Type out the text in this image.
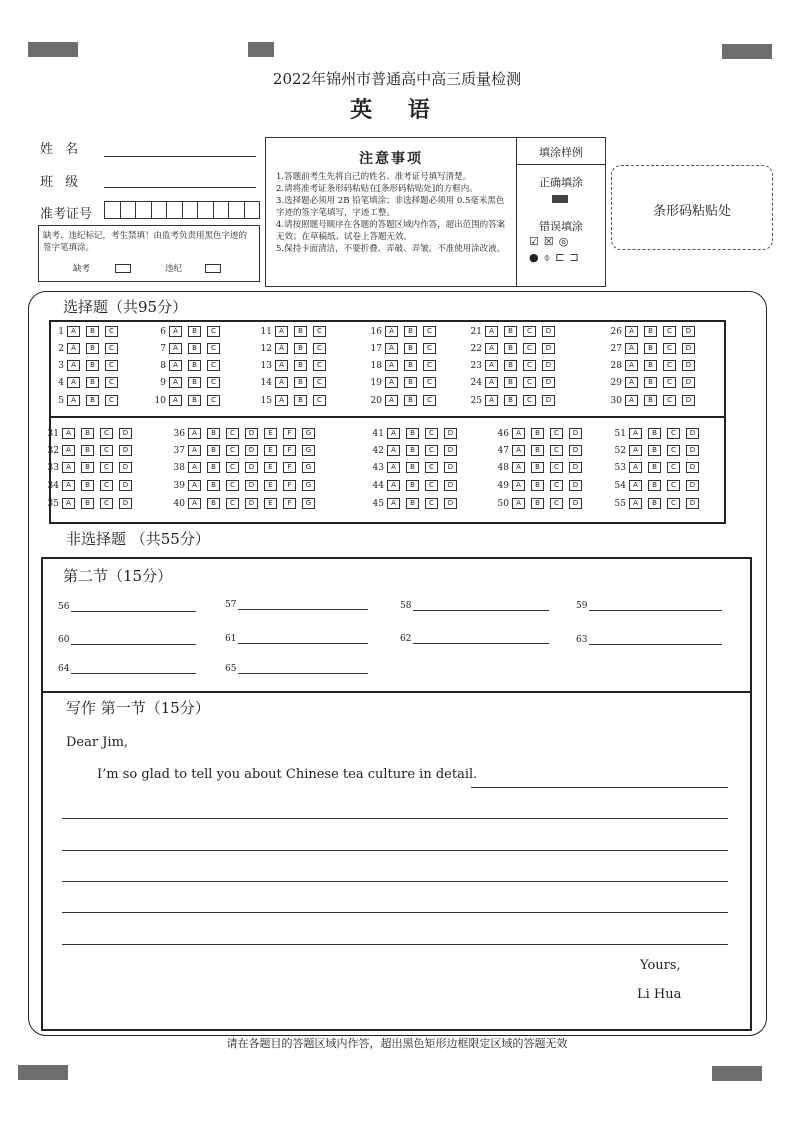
2022年锦州市普通高中高三质量检测
英 语
姓 名
班 级
准考证号
缺考、违纪标记，考生禁填！由监考负责用黑色字迹的签字笔填涂。
缺考	违纪
注意事项
1.答题前考生先将自己的姓名、准考证号填写清楚。
2.请将准考证条形码粘贴在[条形码粘贴处]的方框内。
3.选择题必须用 2B 铅笔填涂；非选择题必须用 0.5毫米黑色字迹的签字笔填写，字迹工整。
4.请按照题号顺序在各题的答题区域内作答，超出范围的答案无效；在草稿纸、试卷上答题无效。
5.保持卡面清洁，不要折叠、弄破、弄皱，不准使用涂改液。
填涂样例
正确填涂
错误填涂
☑☒◎
●⌽⊏⊐
条形码粘贴处
选择题（共95分）
1	A	B	C
2	A	B	C
3	A	B	C
4	A	B	C
5	A	B	C
6	A	B	C
7	A	B	C
8	A	B	C
9	A	B	C
10	A	B	C
11	A	B	C
12	A	B	C
13	A	B	C
14	A	B	C
15	A	B	C
16	A	B	C
17	A	B	C
18	A	B	C
19	A	B	C
20	A	B	C
21	A	B	C	D
22	A	B	C	D
23	A	B	C	D
24	A	B	C	D
25	A	B	C	D
26	A	B	C	D
27	A	B	C	D
28	A	B	C	D
29	A	B	C	D
30	A	B	C	D
31	A	B	C	D
32	A	B	C	D
33	A	B	C	D
34	A	B	C	D
35	A	B	C	D
36	A	B	C	D	E	F	G
37	A	B	C	D	E	F	G
38	A	B	C	D	E	F	G
39	A	B	C	D	E	F	G
40	A	B	C	D	E	F	G
41	A	B	C	D
42	A	B	C	D
43	A	B	C	D
44	A	B	C	D
45	A	B	C	D
46	A	B	C	D
47	A	B	C	D
48	A	B	C	D
49	A	B	C	D
50	A	B	C	D
51	A	B	C	D
52	A	B	C	D
53	A	B	C	D
54	A	B	C	D
55	A	B	C	D
非选择题 （共55分）
第二节（15分）
56	57	58	59
60	61	62	63
64	65
写作 第一节（15分）
Dear Jim,
I’m so glad to tell you about Chinese tea culture in detail.
Yours,
Li Hua
请在各题目的答题区域内作答，超出黑色矩形边框限定区域的答题无效
